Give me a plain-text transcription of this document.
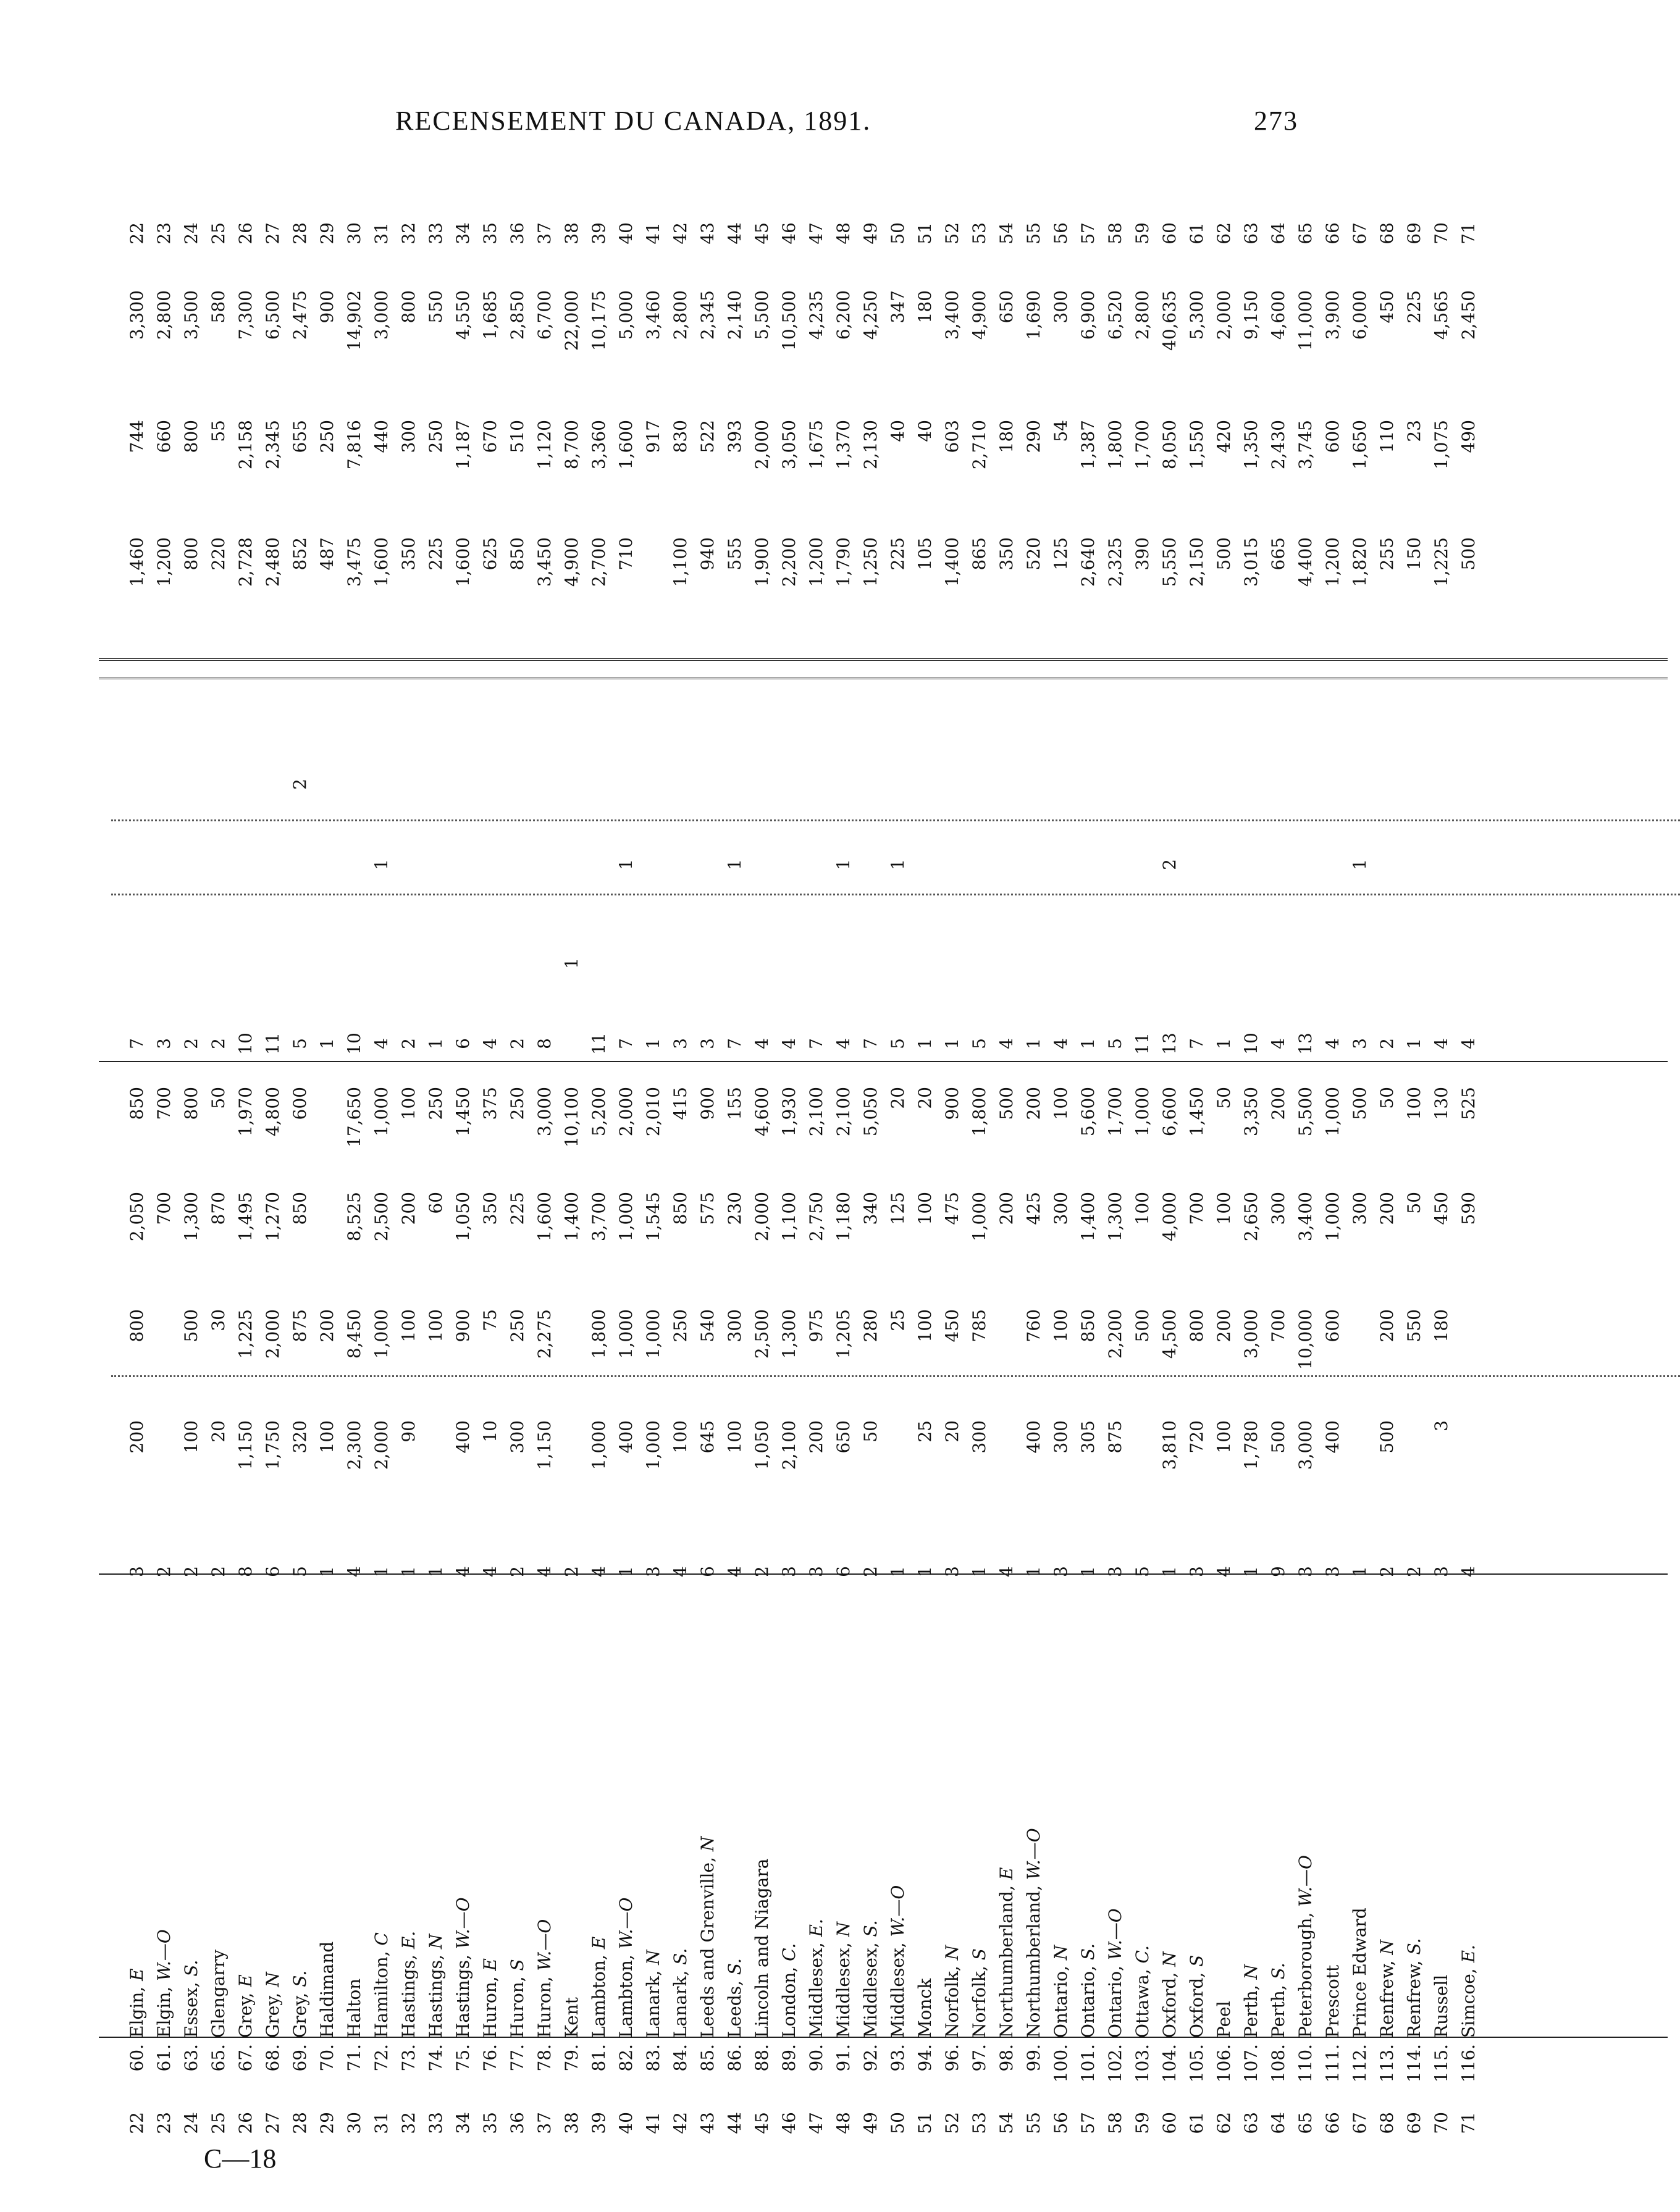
RECENSEMENT DU CANADA, 1891.	273
22
60.
3
200
800
2,050
850
7
1,460
744
3,300
22
Elgin, E
23
61.
2
700
700
3
1,200
660
2,800
23
Elgin, W.—O
24
63.
2
100
500
1,300
800
2
800
800
3,500
24
Essex, S.
25
65.
2
20
30
870
50
2
220
55
580
25
Glengarry
26
67.
8
1,150
1,225
1,495
1,970
10
2,728
2,158
7,300
26
Grey, E
27
68.
6
1,750
2,000
1,270
4,800
11
2,480
2,345
6,500
27
Grey, N
28
69.
5
320
875
850
600
5
2
852
655
2,475
28
Grey, S.
29
70.
1
100
200
1
487
250
900
29
Haldimand
30
71.
4
2,300
8,450
8,525
17,650
10
3,475
7,816
14,902
30
Halton
31
72.
1
2,000
1,000
2,500
1,000
4
1
1,600
440
3,000
31
Hamilton, C
32
73.
1
90
100
200
100
2
350
300
800
32
Hastings, E.
33
74.
1
100
60
250
1
225
250
550
33
Hastings, N
34
75.
4
400
900
1,050
1,450
6
1,600
1,187
4,550
34
Hastings, W.—O
35
76.
4
10
75
350
375
4
625
670
1,685
35
Huron, E
36
77.
2
300
250
225
250
2
850
510
2,850
36
Huron, S
37
78.
4
1,150
2,275
1,600
3,000
8
3,450
1,120
6,700
37
Huron, W.—O
38
79.
2
1,400
10,100
1
4,900
8,700
22,000
38
Kent
39
81.
4
1,000
1,800
3,700
5,200
11
2,700
3,360
10,175
39
Lambton, E
40
82.
1
400
1,000
1,000
2,000
7
1
710
1,600
5,000
40
Lambton, W.—O
41
83.
3
1,000
1,000
1,545
2,010
1
917
3,460
41
Lanark, N
42
84.
4
100
250
850
415
3
1,100
830
2,800
42
Lanark, S.
43
85.
6
645
540
575
900
3
940
522
2,345
43
Leeds and Grenville, N
44
86.
4
100
300
230
155
7
1
555
393
2,140
44
Leeds, S.
45
88.
2
1,050
2,500
2,000
4,600
4
1,900
2,000
5,500
45
Lincoln and Niagara
46
89.
3
2,100
1,300
1,100
1,930
4
2,200
3,050
10,500
46
London, C.
47
90.
3
200
975
2,750
2,100
7
1,200
1,675
4,235
47
Middlesex, E.
48
91.
6
650
1,205
1,180
2,100
4
1
1,790
1,370
6,200
48
Middlesex, N
49
92.
2
50
280
340
5,050
7
1,250
2,130
4,250
49
Middlesex, S.
50
93.
1
25
125
20
5
1
225
40
347
50
Middlesex, W.—O
51
94.
1
25
100
100
20
1
105
40
180
51
Monck
52
96.
3
20
450
475
900
1
1,400
603
3,400
52
Norfolk, N
53
97.
1
300
785
1,000
1,800
5
865
2,710
4,900
53
Norfolk, S
54
98.
4
200
500
4
350
180
650
54
Northumberland, E
55
99.
1
400
760
425
200
1
520
290
1,690
55
Northumberland, W.—O
56
100.
3
300
100
300
100
4
125
54
300
56
Ontario, N
57
101.
1
305
850
1,400
5,600
1
2,640
1,387
6,900
57
Ontario, S.
58
102.
3
875
2,200
1,300
1,700
5
2,325
1,800
6,520
58
Ontario, W.—O
59
103.
5
500
100
1,000
11
390
1,700
2,800
59
Ottawa, C.
60
104.
1
3,810
4,500
4,000
6,600
13
2
5,550
8,050
40,635
60
Oxford, N
61
105.
3
720
800
700
1,450
7
2,150
1,550
5,300
61
Oxford, S
62
106.
4
100
200
100
50
1
500
420
2,000
62
Peel
63
107.
1
1,780
3,000
2,650
3,350
10
3,015
1,350
9,150
63
Perth, N
64
108.
9
500
700
300
200
4
665
2,430
4,600
64
Perth, S.
65
110.
3
3,000
10,000
3,400
5,500
13
4,400
3,745
11,000
65
Peterborough, W.—O
66
111.
3
400
600
1,000
1,000
4
1,200
600
3,900
66
Prescott
67
112.
1
300
500
3
1
1,820
1,650
6,000
67
Prince Edward
68
113.
2
500
200
200
50
2
255
110
450
68
Renfrew, N
69
114.
2
550
50
100
1
150
23
225
69
Renfrew, S.
70
115.
3
3
180
450
130
4
1,225
1,075
4,565
70
Russell
71
116.
4
590
525
4
500
490
2,450
71
Simcoe, E.
C—18
